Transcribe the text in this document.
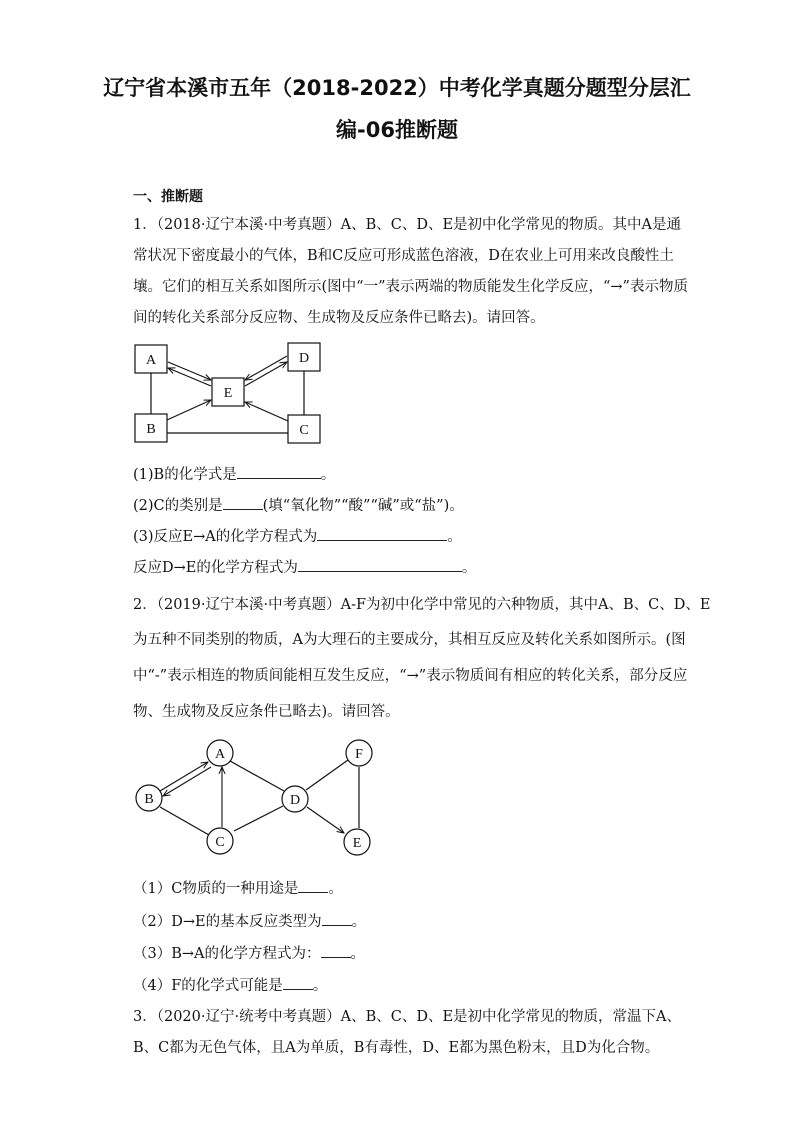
辽宁省本溪市五年（2018-2022）中考化学真题分题型分层汇
编-06推断题
一、推断题
1．（2018·辽宁本溪·中考真题）A、B、C、D、E是初中化学常见的物质。其中A是通
常状况下密度最小的气体，B和C反应可形成蓝色溶液，D在农业上可用来改良酸性土
壤。它们的相互关系如图所示(图中“一”表示两端的物质能发生化学反应，“→”表示物质
间的转化关系部分反应物、生成物及反应条件已略去)。请回答。
A	D
E
B	C
(1)B的化学式是	。
(2)C的类别是	(填“氧化物”“酸”“碱”或“盐”)。
(3)反应E→A的化学方程式为	。
反应D→E的化学方程式为	。
2．（2019·辽宁本溪·中考真题）A-F为初中化学中常见的六种物质，其中A、B、C、D、E
为五种不同类别的物质，A为大理石的主要成分，其相互反应及转化关系如图所示。(图
中“-”表示相连的物质间能相互发生反应，“→”表示物质间有相应的转化关系，部分反应
物、生成物及反应条件已略去)。请回答。
A	F
B	D
C	E
（1）C物质的一种用途是 。
（2）D→E的基本反应类型为 。
（3）B→A的化学方程式为： 。
（4）F的化学式可能是 。
3．（2020·辽宁·统考中考真题）A、B、C、D、E是初中化学常见的物质，常温下A、
B、C都为无色气体，且A为单质，B有毒性，D、E都为黑色粉末，且D为化合物。
